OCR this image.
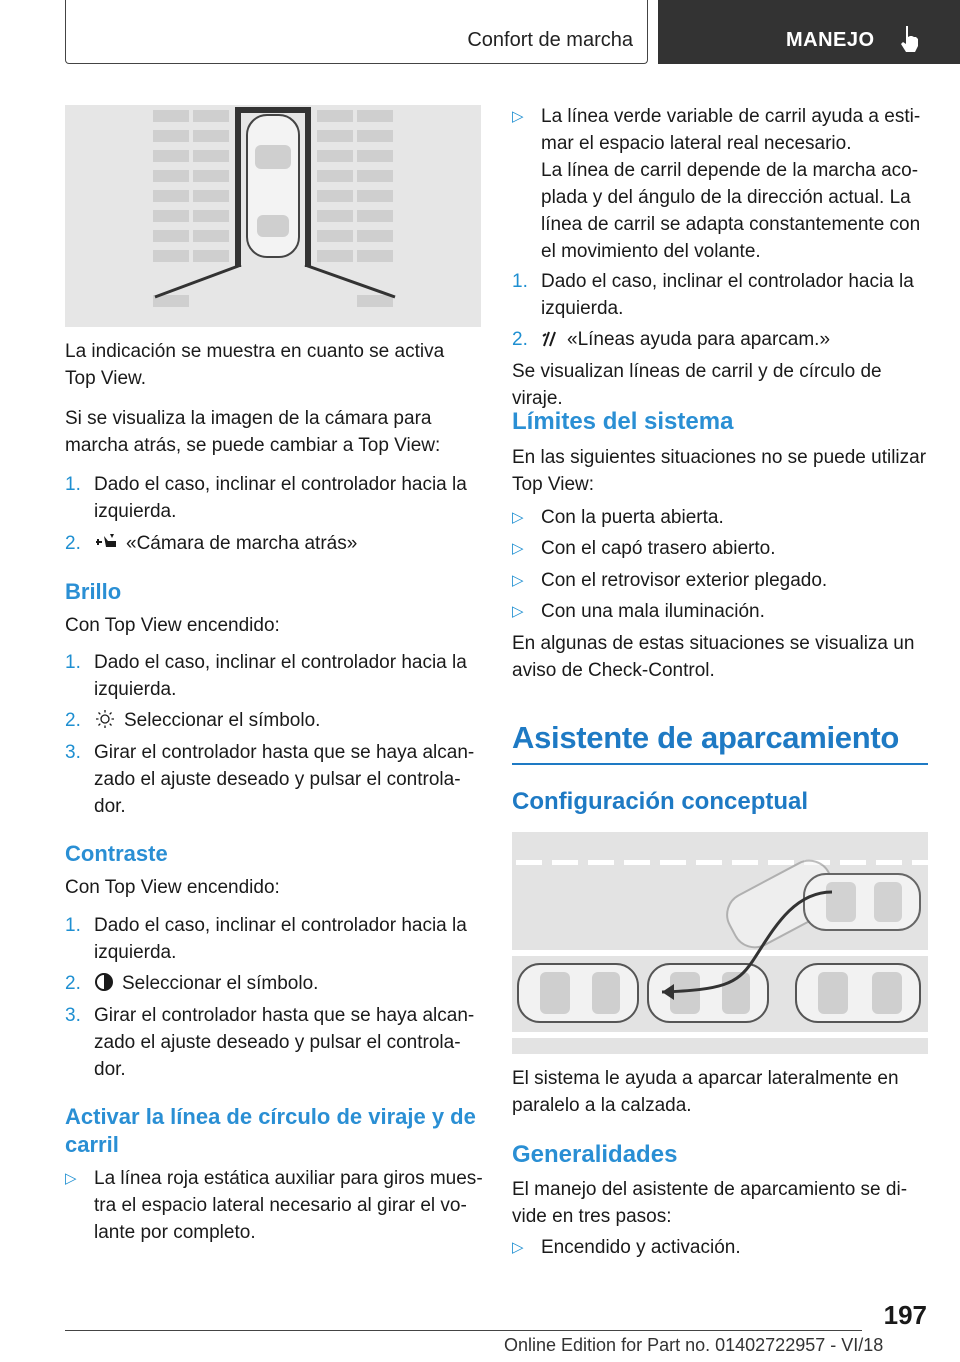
Confort de marcha	MANEJO

La indicación se muestra en cuanto se activa Top View.

Si se visualiza la imagen de la cámara para marcha atrás, se puede cambiar a Top View:

1. Dado el caso, inclinar el controlador hacia la izquierda.
2.	«Cámara de marcha atrás»
Brillo

Con Top View encendido:

1. Dado el caso, inclinar el controlador hacia la izquierda.
2.	Seleccionar el símbolo.
3. Girar el controlador hasta que se haya alcanzado el ajuste deseado y pulsar el controlador.
Contraste

Con Top View encendido:

1. Dado el caso, inclinar el controlador hacia la izquierda.
2.	Seleccionar el símbolo.
3. Girar el controlador hasta que se haya alcanzado el ajuste deseado y pulsar el controlador.
Activar la línea de círculo de viraje y de carril
▷ La línea roja estática auxiliar para giros muestra el espacio lateral necesario al girar el volante por completo.
▷ La línea verde variable de carril ayuda a estimar el espacio lateral real necesario.

La línea de carril depende de la marcha acoplada y del ángulo de la dirección actual. La línea de carril se adapta constantemente con el movimiento del volante.

1. Dado el caso, inclinar el controlador hacia la izquierda.
2.	«Líneas ayuda para aparcam.»

Se visualizan líneas de carril y de círculo de viraje.

Límites del sistema

En las siguientes situaciones no se puede utilizar Top View:

▷ Con la puerta abierta.
▷ Con el capó trasero abierto.
▷ Con el retrovisor exterior plegado.
▷ Con una mala iluminación.

En algunas de estas situaciones se visualiza un aviso de Check-Control.

Asistente de aparcamiento
Configuración conceptual

El sistema le ayuda a aparcar lateralmente en paralelo a la calzada.

Generalidades

El manejo del asistente de aparcamiento se divide en tres pasos:

▷ Encendido y activación.
197
Online Edition for Part no. 01402722957 - VI/18
